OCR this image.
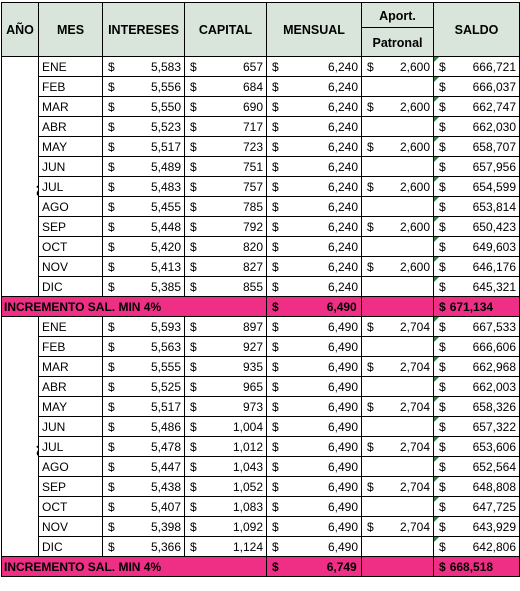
AÑO	MES	INTERESES	CAPITAL	MENSUAL	Aport.
Patronal	SALDO
AÑO	ENE	$ 5,583	$ 657	$ 6,240	$ 2,600	$ 666,721

	FEB	$ 5,556	$ 684	$ 6,240		$ 666,037

	MAR	$ 5,550	$ 690	$ 6,240	$ 2,600	$ 662,747

	ABR	$ 5,523	$ 717	$ 6,240		$ 662,030

	MAY	$ 5,517	$ 723	$ 6,240	$ 2,600	$ 658,707

	JUN	$ 5,489	$ 751	$ 6,240		$ 657,956

	JUL	$ 5,483	$ 757	$ 6,240	$ 2,600	$ 654,599

	AGO	$ 5,455	$ 785	$ 6,240		$ 653,814

	SEP	$ 5,448	$ 792	$ 6,240	$ 2,600	$ 650,423

	OCT	$ 5,420	$ 820	$ 6,240		$ 649,603

	NOV	$ 5,413	$ 827	$ 6,240	$ 2,600	$ 646,176

	DIC	$ 5,385	$ 855	$ 6,240		$ 645,321

INCREMENTO SAL. MIN 4%				$ 6,490		$ 671,134

AÑO	ENE	$ 5,593	$ 897	$ 6,490	$ 2,704	$ 667,533

	FEB	$ 5,563	$ 927	$ 6,490		$ 666,606

	MAR	$ 5,555	$ 935	$ 6,490	$ 2,704	$ 662,968

	ABR	$ 5,525	$ 965	$ 6,490		$ 662,003

	MAY	$ 5,517	$ 973	$ 6,490	$ 2,704	$ 658,326

	JUN	$ 5,486	$ 1,004	$ 6,490		$ 657,322

	JUL	$ 5,478	$ 1,012	$ 6,490	$ 2,704	$ 653,606

	AGO	$ 5,447	$ 1,043	$ 6,490		$ 652,564

	SEP	$ 5,438	$ 1,052	$ 6,490	$ 2,704	$ 648,808

	OCT	$ 5,407	$ 1,083	$ 6,490		$ 647,725

	NOV	$ 5,398	$ 1,092	$ 6,490	$ 2,704	$ 643,929

	DIC	$ 5,366	$ 1,124	$ 6,490		$ 642,806

INCREMENTO SAL. MIN 4%				$ 6,749		$ 668,518
